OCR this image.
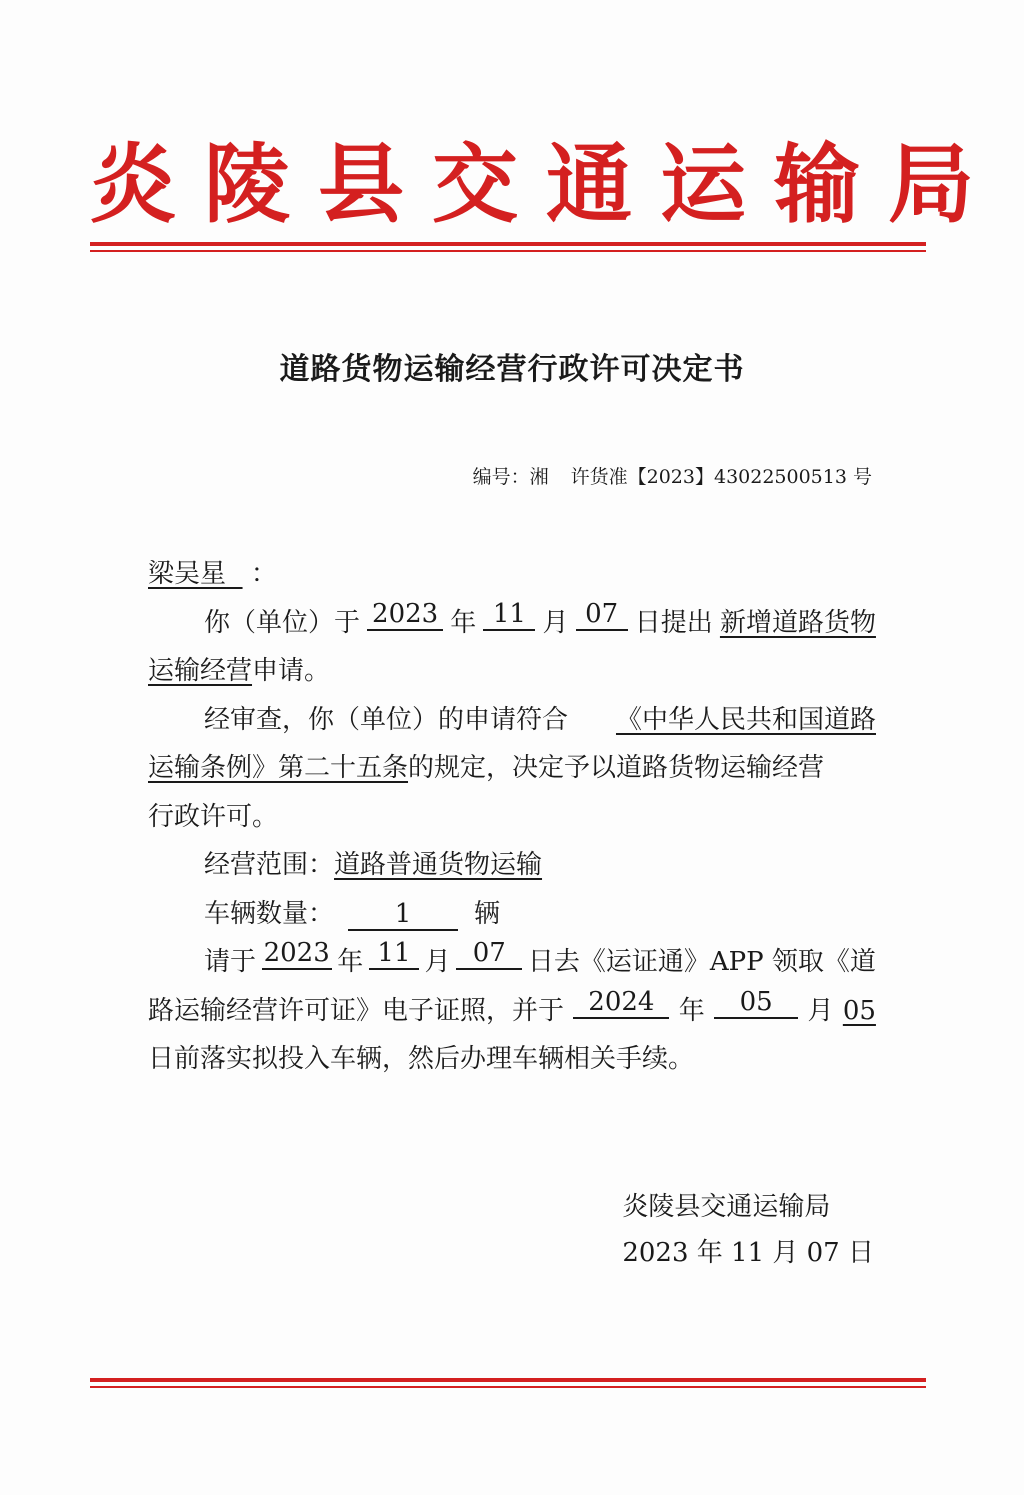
炎陵县交通运输局
道路货物运输经营行政许可决定书
编号：湘 许货准【2023】43022500513 号
梁吴星 ：
你（单位）于 2023 年 11 月 07 日提出 新增道路货物
运输经营申请。
经审查，你（单位）的申请符合 《中华人民共和国道路
运输条例》第二十五条的规定，决定予以道路货物运输经营
行政许可。
经营范围：道路普通货物运输
车辆数量： 1 辆
请于 2023 年 11 月 07 日去《运证通》APP 领取《道
路运输经营许可证》电子证照，并于 2024 年	05	月 05
日前落实拟投入车辆，然后办理车辆相关手续。
炎陵县交通运输局
2023 年 11 月 07 日
